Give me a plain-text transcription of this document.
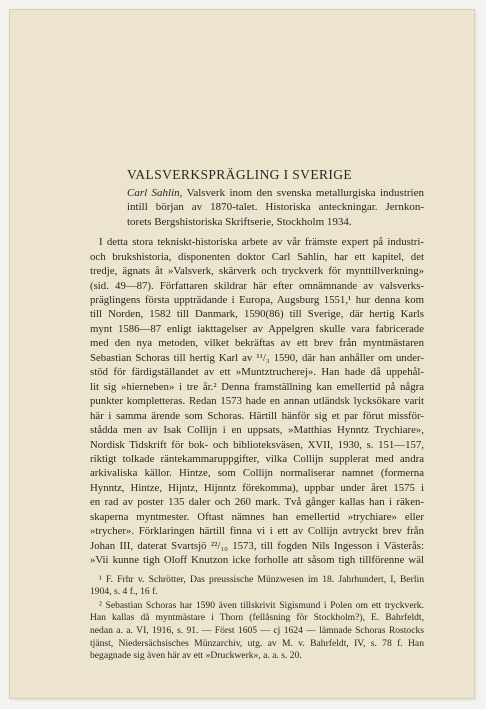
VALSVERKSPRÄGLING I SVERIGE
Carl Sahlin, Valsverk inom den svenska metallurgiska industrien
intill början av 1870-talet. Historiska anteckningar. Jernkon-
torets Bergshistoriska Skriftserie, Stockholm 1934.
I detta stora tekniskt-historiska arbete av vår främste expert på industri-
och brukshistoria, disponenten doktor Carl Sahlin, har ett kapitel, det
tredje, ägnats åt »Valsverk, skärverk och tryckverk för mynttillverkning»
(sid. 49—87). Författaren skildrar här efter omnämnande av valsverks-
präglingens första uppträdande i Europa, Augsburg 1551,¹ hur denna kom
till Norden, 1582 till Danmark, 1590(86) till Sverige, där hertig Karls
mynt 1586—87 enligt iakttagelser av Appelgren skulle vara fabricerade
med den nya metoden, vilket bekräftas av ett brev från myntmästaren
Sebastian Schoras till hertig Karl av ¹¹/₃ 1590, där han anhåller om under-
stöd för färdigställandet av ett »Muntztrucherej». Han hade då uppehål-
lit sig »hierneben» i tre år.² Denna framställning kan emellertid på några
punkter kompletteras. Redan 1573 hade en annan utländsk lycksökare varit
här i samma ärende som Schoras. Härtill hänför sig et par förut missför-
stådda men av Isak Collijn i en uppsats, »Matthias Hynntz Trychiare»,
Nordisk Tidskrift för bok- och biblioteksväsen, XVII, 1930, s. 151—157,
riktigt tolkade räntekammaruppgifter, vilka Collijn supplerat med andra
arkivaliska källor. Hintze, som Collijn normaliserar namnet (formerna
Hynntz, Hintze, Hijntz, Hijnntz förekomma), uppbar under året 1575 i
en rad av poster 135 daler och 260 mark. Två gånger kallas han i räken-
skaperna myntmester. Oftast nämnes han emellertid »trychiare» eller
»trycher». Förklaringen härtill finna vi i ett av Collijn avtryckt brev från
Johan III, daterat Svartsjö ²²/₁₀ 1573, till fogden Nils Ingesson i Västerås:
»Vii kunne tigh Oloff Knutzon icke forholle att såsom tigh tillförenne wäl
¹ F. Frhr v. Schrötter, Das preussische Münzwesen im 18. Jahrhundert, I, Berlin
1904, s. 4 f., 16 f.
² Sebastian Schoras har 1590 även tillskrivit Sigismund i Polen om ett tryckverk.
Han kallas då myntmästare i Thorn (fellåsning för Stockholm?), E. Bahrfeldt,
nedan a. a. VI, 1916, s. 91. — Först 1605 — cj 1624 — lämnade Schoras Rostocks
tjänst, Niedersächsisches Münzarchiv, utg. av M. v. Bahrfeldt, IV, s. 78 f. Han
begagnade sig även här av ett »Druckwerk», a. a. s. 20.
